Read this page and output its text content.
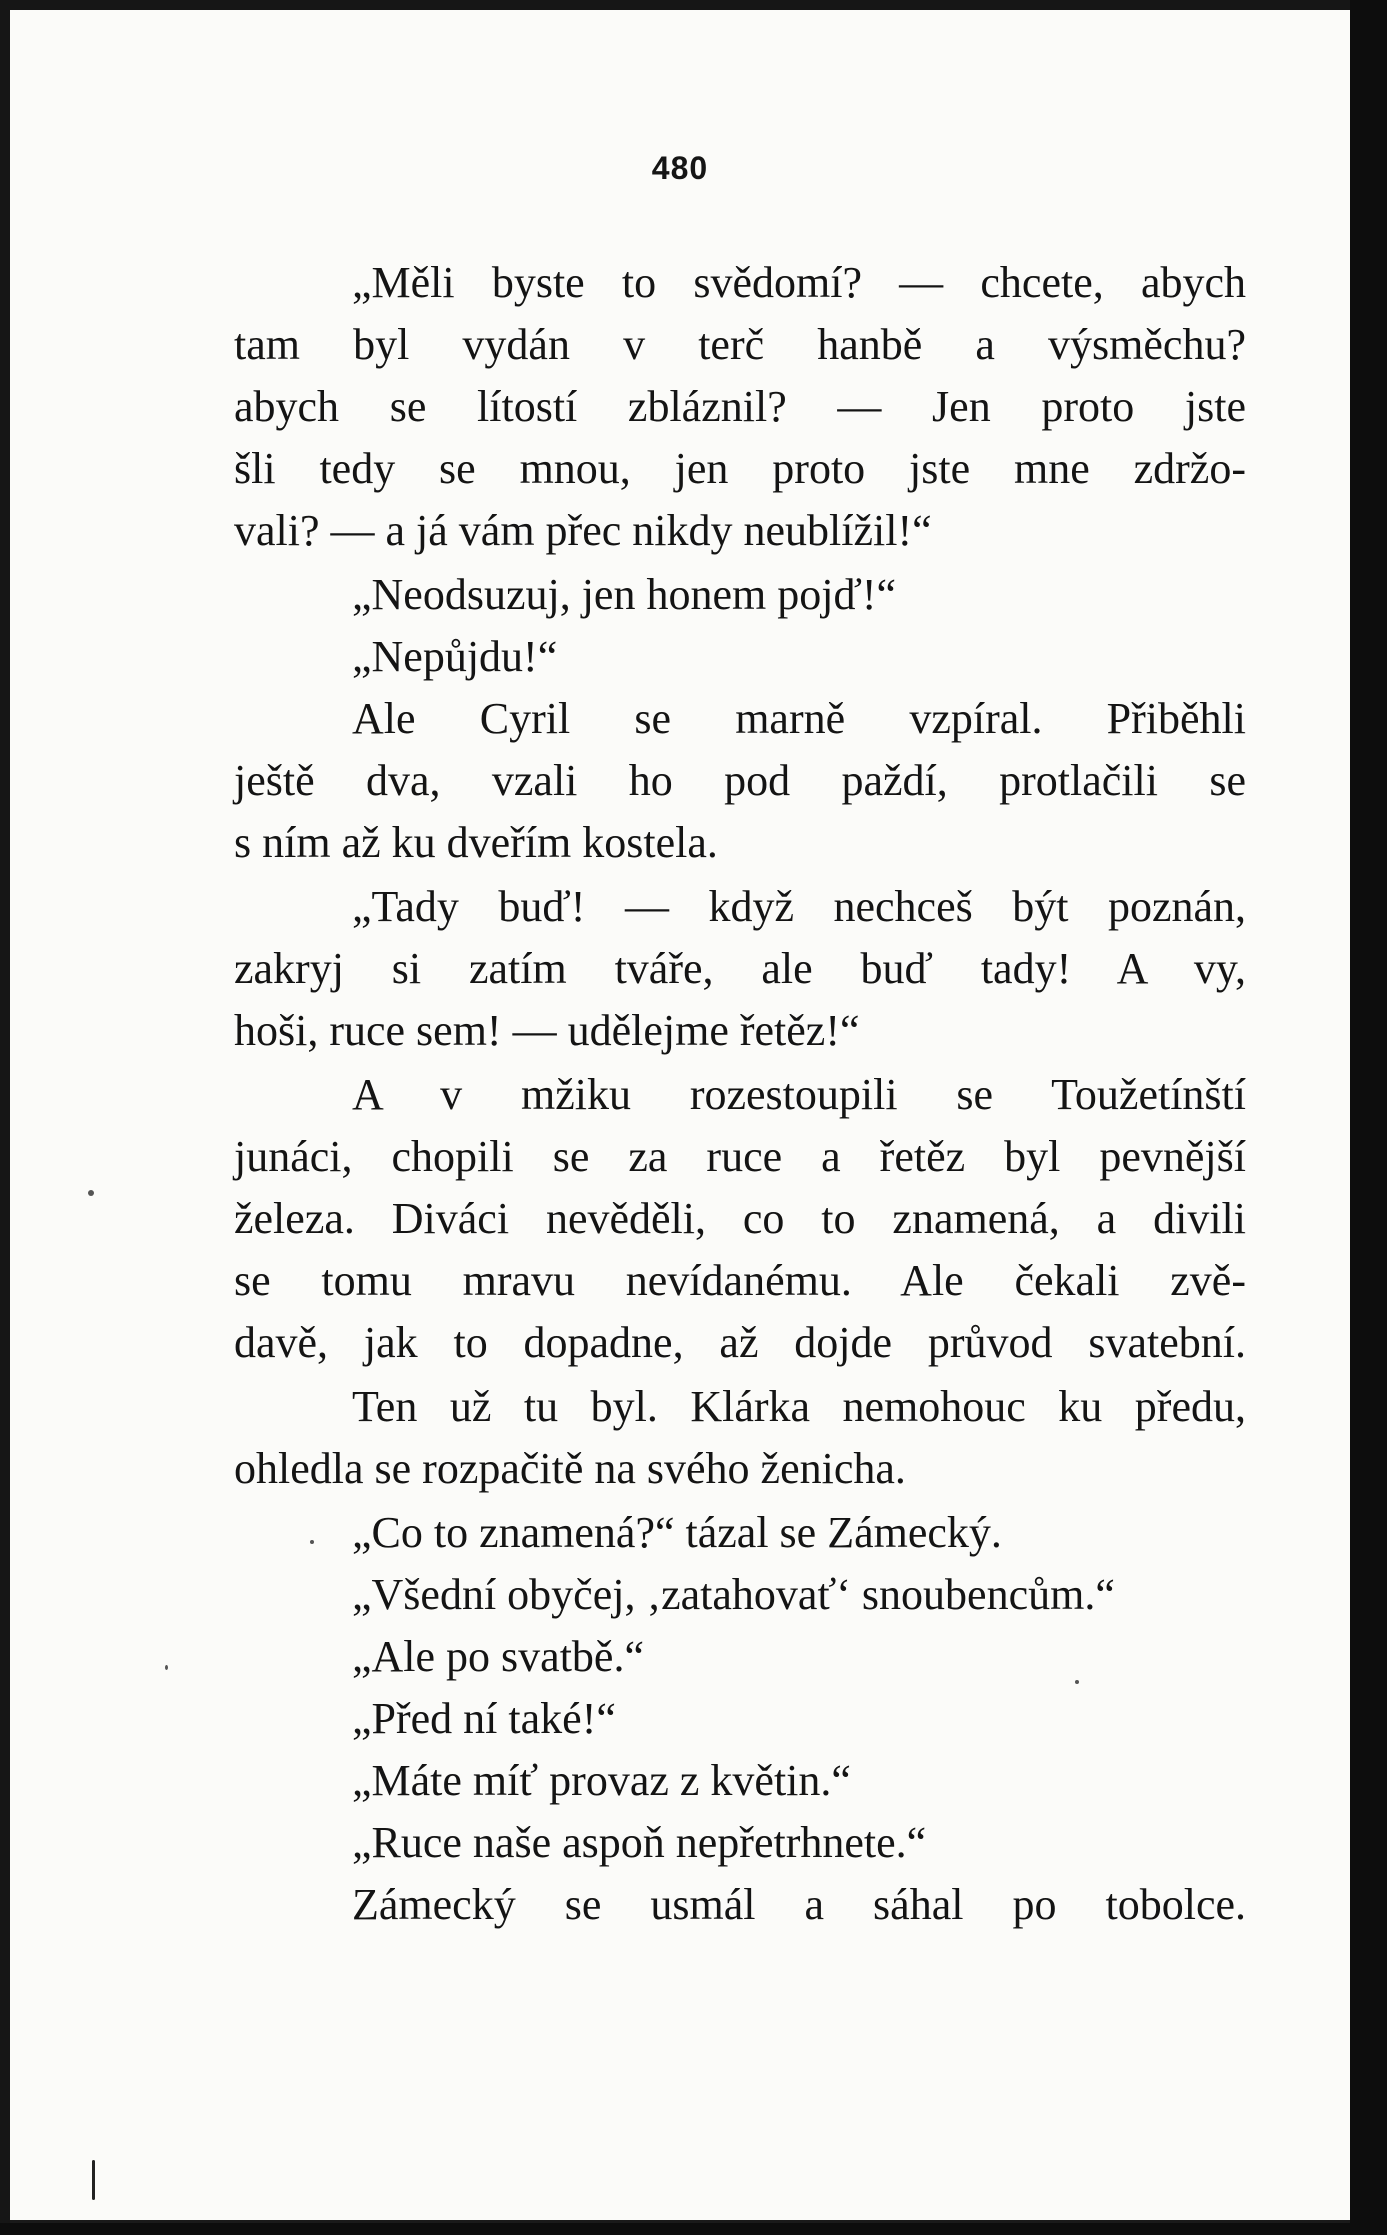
480

„Měli byste to svědomí? — chcete, abych
tam byl vydán v terč hanbě a výsměchu?
abych se lítostí zbláznil? — Jen proto jste
šli tedy se mnou, jen proto jste mne zdržo-
vali? — a já vám přec nikdy neublížil!“

„Neodsuzuj, jen honem pojď!“

„Nepůjdu!“

Ale Cyril se marně vzpíral. Přiběhli
ještě dva, vzali ho pod paždí, protlačili se
s ním až ku dveřím kostela.

„Tady buď! — když nechceš být poznán,
zakryj si zatím tváře, ale buď tady! A vy,
hoši, ruce sem! — udělejme řetěz!“

A v mžiku rozestoupili se Toužetínští
junáci, chopili se za ruce a řetěz byl pevnější
železa. Diváci nevěděli, co to znamená, a divili
se tomu mravu nevídanému. Ale čekali zvě-
davě, jak to dopadne, až dojde průvod svatební.

Ten už tu byl. Klárka nemohouc ku předu,
ohledla se rozpačitě na svého ženicha.

„Co to znamená?“ tázal se Zámecký.

„Všední obyčej, ‚zatahovať‘ snoubencům.“

„Ale po svatbě.“

„Před ní také!“

„Máte míť provaz z květin.“

„Ruce naše aspoň nepřetrhnete.“

Zámecký se usmál a sáhal po tobolce.
